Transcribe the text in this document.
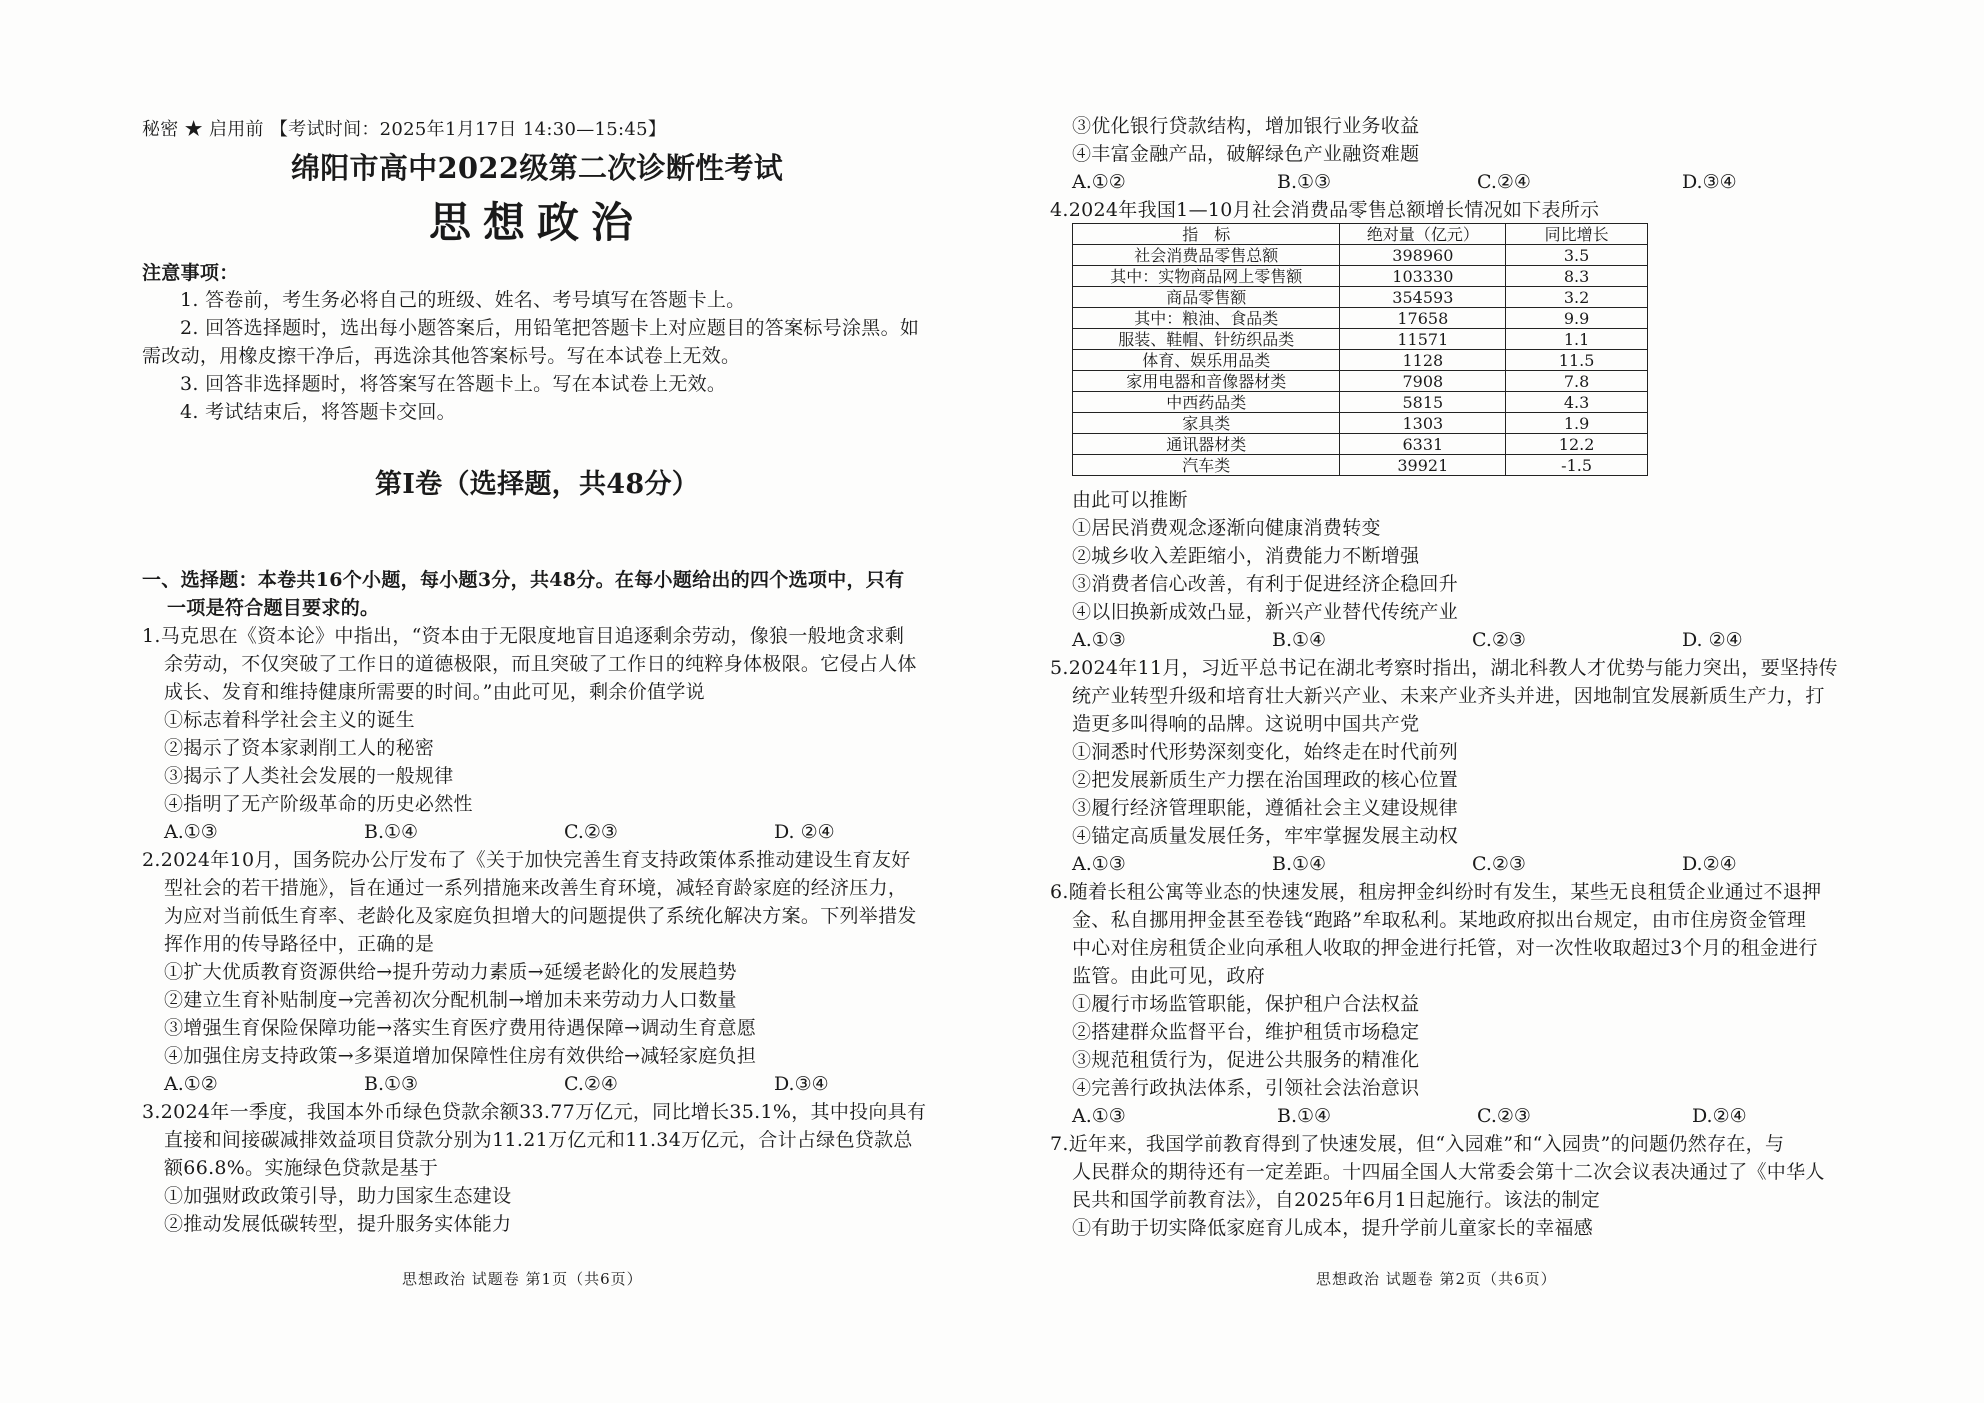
秘密 ★ 启用前 【考试时间：2025年1月17日 14:30—15:45】
绵阳市高中2022级第二次诊断性考试
思想政治
注意事项：
1. 答卷前，考生务必将自己的班级、姓名、考号填写在答题卡上。
2. 回答选择题时，选出每小题答案后，用铅笔把答题卡上对应题目的答案标号涂黑。如
需改动，用橡皮擦干净后，再选涂其他答案标号。写在本试卷上无效。
3. 回答非选择题时，将答案写在答题卡上。写在本试卷上无效。
4. 考试结束后，将答题卡交回。
第Ⅰ卷（选择题，共48分）
一、选择题：本卷共16个小题，每小题3分，共48分。在每小题给出的四个选项中，只有
一项是符合题目要求的。
1.马克思在《资本论》中指出，“资本由于无限度地盲目追逐剩余劳动，像狼一般地贪求剩
余劳动，不仅突破了工作日的道德极限，而且突破了工作日的纯粹身体极限。它侵占人体
成长、发育和维持健康所需要的时间。”由此可见，剩余价值学说
①标志着科学社会主义的诞生
②揭示了资本家剥削工人的秘密
③揭示了人类社会发展的一般规律
④指明了无产阶级革命的历史必然性
A.①③	B.①④	C.②③	D. ②④
2.2024年10月，国务院办公厅发布了《关于加快完善生育支持政策体系推动建设生育友好
型社会的若干措施》，旨在通过一系列措施来改善生育环境，减轻育龄家庭的经济压力，
为应对当前低生育率、老龄化及家庭负担增大的问题提供了系统化解决方案。下列举措发
挥作用的传导路径中，正确的是
①扩大优质教育资源供给→提升劳动力素质→延缓老龄化的发展趋势
②建立生育补贴制度→完善初次分配机制→增加未来劳动力人口数量
③增强生育保险保障功能→落实生育医疗费用待遇保障→调动生育意愿
④加强住房支持政策→多渠道增加保障性住房有效供给→减轻家庭负担
A.①②	B.①③	C.②④	D.③④
3.2024年一季度，我国本外币绿色贷款余额33.77万亿元，同比增长35.1%，其中投向具有
直接和间接碳减排效益项目贷款分别为11.21万亿元和11.34万亿元，合计占绿色贷款总
额66.8%。实施绿色贷款是基于
①加强财政政策引导，助力国家生态建设
②推动发展低碳转型，提升服务实体能力
思想政治 试题卷 第1页（共6页）
③优化银行贷款结构，增加银行业务收益
④丰富金融产品，破解绿色产业融资难题
A.①②	B.①③	C.②④	D.③④
4.2024年我国1—10月社会消费品零售总额增长情况如下表所示
指　标	绝对量（亿元）	同比增长
社会消费品零售总额	398960	3.5
其中：实物商品网上零售额	103330	8.3
商品零售额	354593	3.2
其中：粮油、食品类	17658	9.9
服装、鞋帽、针纺织品类	11571	1.1
体育、娱乐用品类	1128	11.5
家用电器和音像器材类	7908	7.8
中西药品类	5815	4.3
家具类	1303	1.9
通讯器材类	6331	12.2
汽车类	39921	-1.5
由此可以推断
①居民消费观念逐渐向健康消费转变
②城乡收入差距缩小，消费能力不断增强
③消费者信心改善，有利于促进经济企稳回升
④以旧换新成效凸显，新兴产业替代传统产业
A.①③	B.①④	C.②③	D. ②④
5.2024年11月，习近平总书记在湖北考察时指出，湖北科教人才优势与能力突出，要坚持传
统产业转型升级和培育壮大新兴产业、未来产业齐头并进，因地制宜发展新质生产力，打
造更多叫得响的品牌。这说明中国共产党
①洞悉时代形势深刻变化，始终走在时代前列
②把发展新质生产力摆在治国理政的核心位置
③履行经济管理职能，遵循社会主义建设规律
④锚定高质量发展任务，牢牢掌握发展主动权
A.①③	B.①④	C.②③	D.②④
6.随着长租公寓等业态的快速发展，租房押金纠纷时有发生，某些无良租赁企业通过不退押
金、私自挪用押金甚至卷钱“跑路”牟取私利。某地政府拟出台规定，由市住房资金管理
中心对住房租赁企业向承租人收取的押金进行托管，对一次性收取超过3个月的租金进行
监管。由此可见，政府
①履行市场监管职能，保护租户合法权益
②搭建群众监督平台，维护租赁市场稳定
③规范租赁行为，促进公共服务的精准化
④完善行政执法体系，引领社会法治意识
A.①③	B.①④	C.②③	D.②④
7.近年来，我国学前教育得到了快速发展，但“入园难”和“入园贵”的问题仍然存在，与
人民群众的期待还有一定差距。十四届全国人大常委会第十二次会议表决通过了《中华人
民共和国学前教育法》，自2025年6月1日起施行。该法的制定
①有助于切实降低家庭育儿成本，提升学前儿童家长的幸福感
思想政治 试题卷 第2页（共6页）
